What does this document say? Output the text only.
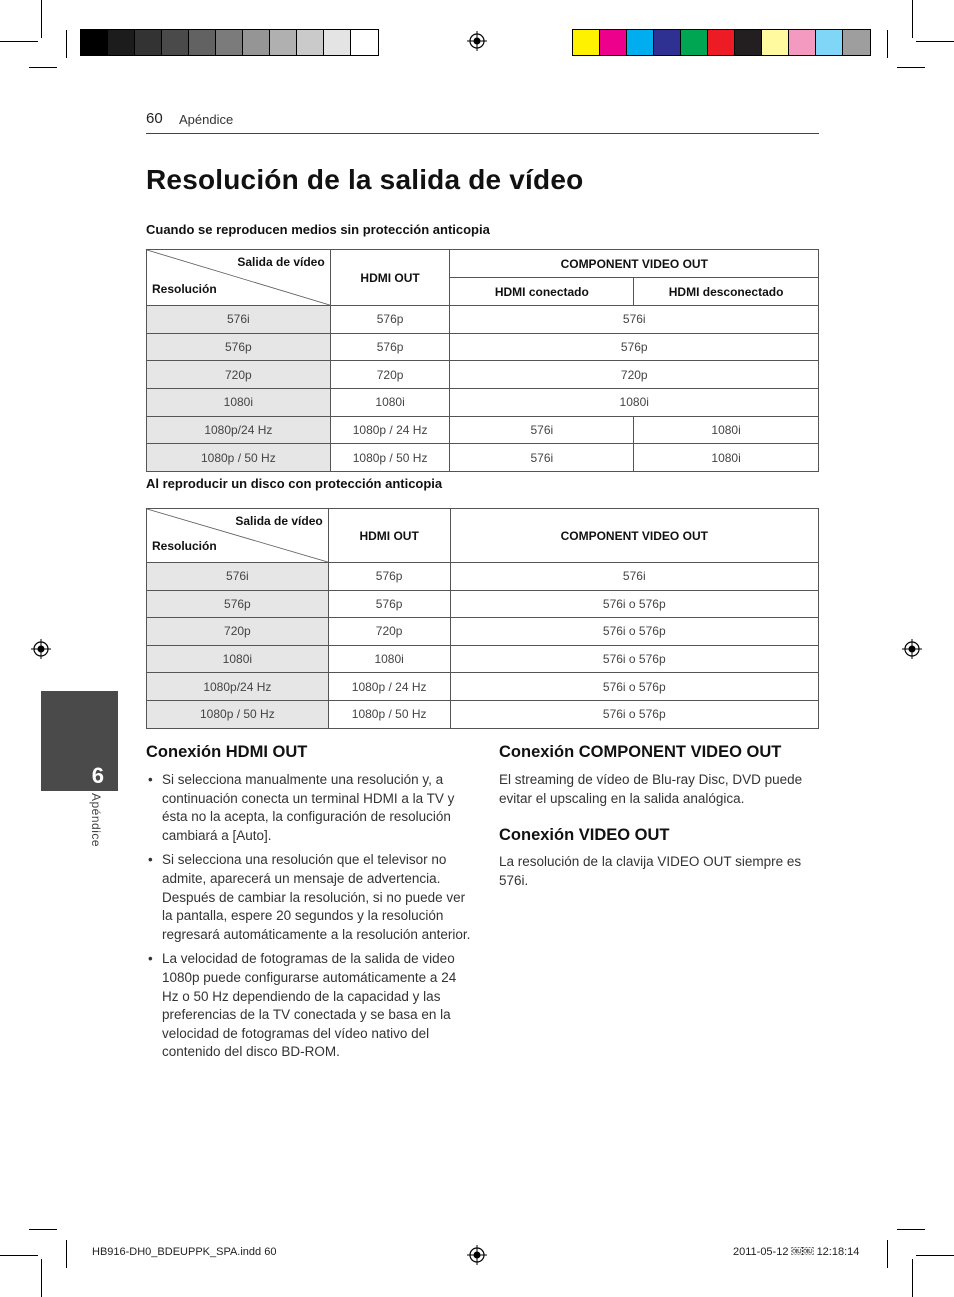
60 Apéndice
Resolución de la salida de vídeo
Cuando se reproducen medios sin protección anticopia
Salida de vídeo
Resolución	HDMI OUT	COMPONENT VIDEO OUT	
		HDMI conectado	HDMI desconectado
576i	576p	576i	
576p	576p	576p	
720p	720p	720p	
1080i	1080i	1080i	
1080p/24 Hz	1080p / 24 Hz	576i	1080i
1080p / 50 Hz	1080p / 50 Hz	576i	1080i
Al reproducir un disco con protección anticopia
Salida de vídeo
Resolución	HDMI OUT	COMPONENT VIDEO OUT
576i	576p	576i
576p	576p	576i o 576p
720p	720p	576i o 576p
1080i	1080i	576i o 576p
1080p/24 Hz	1080p / 24 Hz	576i o 576p
1080p / 50 Hz	1080p / 50 Hz	576i o 576p
6
Apéndice
Conexión HDMI OUT
• Si selecciona manualmente una resolución y, a continuación conecta un terminal HDMI a la TV y ésta no la acepta, la configuración de resolución cambiará a [Auto].
• Si selecciona una resolución que el televisor no admite, aparecerá un mensaje de advertencia. Después de cambiar la resolución, si no puede ver la pantalla, espere 20 segundos y la resolución regresará automáticamente a la resolución anterior.
• La velocidad de fotogramas de la salida de video 1080p puede configurarse automáticamente a 24 Hz o 50 Hz dependiendo de la capacidad y las preferencias de la TV conectada y se basa en la velocidad de fotogramas del vídeo nativo del contenido del disco BD-ROM.
Conexión COMPONENT VIDEO OUT

El streaming de vídeo de Blu-ray Disc, DVD puede evitar el upscaling en la salida analógica.

Conexión VIDEO OUT

La resolución de la clavija VIDEO OUT siempre es 576i.

HB916-DH0_BDEUPPK_SPA.indd 60	2011-05-12 ￼￼ 12:18:14
